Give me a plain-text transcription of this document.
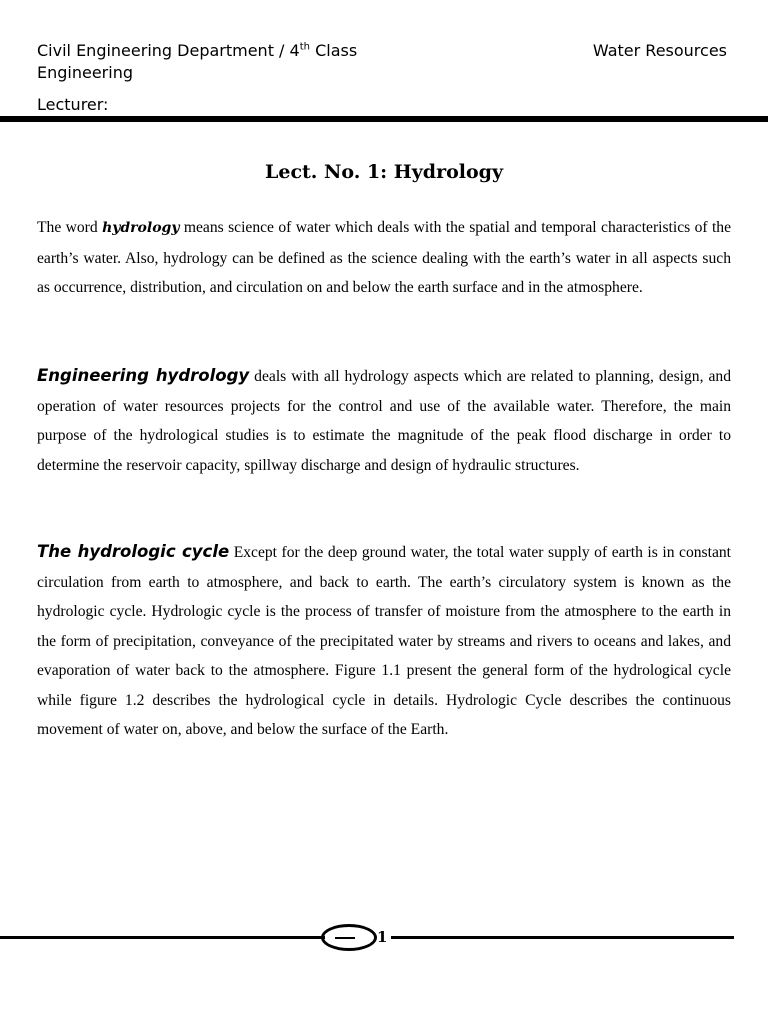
Civil Engineering Department / 4th Class	Water Resources
Engineering
Lecturer:
Lect. No. 1: Hydrology

The word hydrology means science of water which deals with the spatial and temporal characteristics of the earth’s water. Also, hydrology can be defined as the science dealing with the earth’s water in all aspects such as occurrence, distribution, and circulation on and below the earth surface and in the atmosphere.

Engineering hydrology deals with all hydrology aspects which are related to planning, design, and operation of water resources projects for the control and use of the available water. Therefore, the main purpose of the hydrological studies is to estimate the magnitude of the peak flood discharge in order to determine the reservoir capacity, spillway discharge and design of hydraulic structures.

The hydrologic cycle Except for the deep ground water, the total water supply of earth is in constant circulation from earth to atmosphere, and back to earth. The earth’s circulatory system is known as the hydrologic cycle. Hydrologic cycle is the process of transfer of moisture from the atmosphere to the earth in the form of precipitation, conveyance of the precipitated water by streams and rivers to oceans and lakes, and evaporation of water back to the atmosphere. Figure 1.1 present the general form of the hydrological cycle while figure 1.2 describes the hydrological cycle in details. Hydrologic Cycle describes the continuous movement of water on, above, and below the surface of the Earth.

1
